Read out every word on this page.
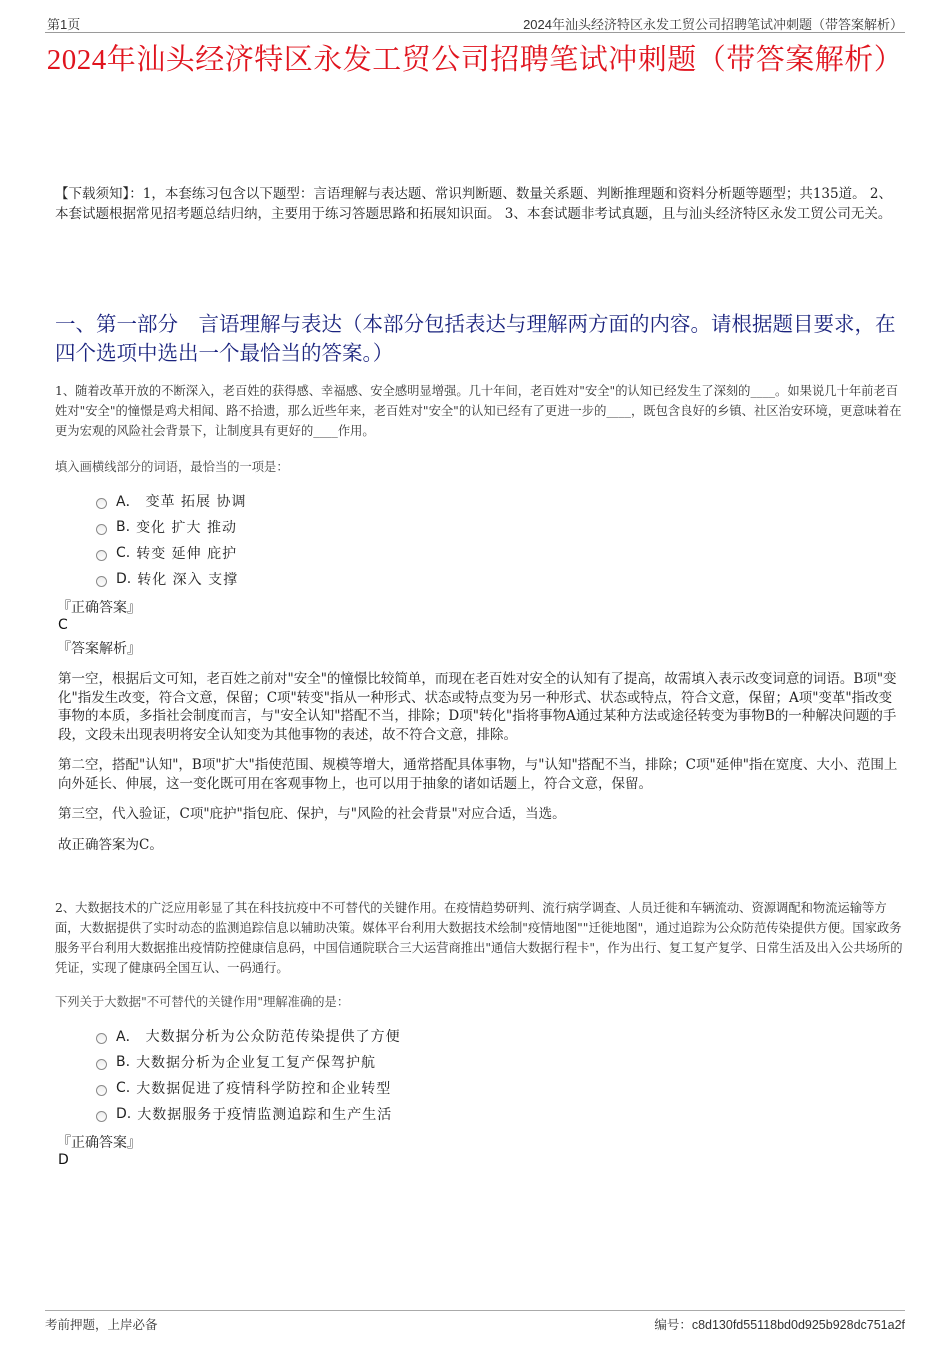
第1页	2024年汕头经济特区永发工贸公司招聘笔试冲刺题（带答案解析）
2024年汕头经济特区永发工贸公司招聘笔试冲刺题（带答案解析）
【下载须知】：1，本套练习包含以下题型：言语理解与表达题、常识判断题、数量关系题、判断推理题和资料分析题等题型；共135道。 2、本套试题根据常见招考题总结归纳，主要用于练习答题思路和拓展知识面。 3、本套试题非考试真题，且与汕头经济特区永发工贸公司无关。
一、第一部分　言语理解与表达（本部分包括表达与理解两方面的内容。请根据题目要求，在四个选项中选出一个最恰当的答案。）
1、随着改革开放的不断深入，老百姓的获得感、幸福感、安全感明显增强。几十年间，老百姓对"安全"的认知已经发生了深刻的____。如果说几十年前老百姓对"安全"的憧憬是鸡犬相闻、路不拾遗，那么近些年来，老百姓对"安全"的认知已经有了更进一步的____，既包含良好的乡镇、社区治安环境，更意味着在更为宏观的风险社会背景下，让制度具有更好的____作用。
填入画横线部分的词语，最恰当的一项是：
A． 变革 拓展 协调
B. 变化 扩大 推动
C. 转变 延伸 庇护
D. 转化 深入 支撑
『正确答案』
C
『答案解析』

第一空，根据后文可知，老百姓之前对"安全"的憧憬比较简单，而现在老百姓对安全的认知有了提高，故需填入表示改变词意的词语。B项"变化"指发生改变，符合文意，保留；C项"转变"指从一种形式、状态或特点变为另一种形式、状态或特点，符合文意，保留；A项"变革"指改变事物的本质，多指社会制度而言，与"安全认知"搭配不当，排除；D项"转化"指将事物A通过某种方法或途径转变为事物B的一种解决问题的手段，文段未出现表明将安全认知变为其他事物的表述，故不符合文意，排除。

第二空，搭配"认知"，B项"扩大"指使范围、规模等增大，通常搭配具体事物，与"认知"搭配不当，排除；C项"延伸"指在宽度、大小、范围上向外延长、伸展，这一变化既可用在客观事物上，也可以用于抽象的诸如话题上，符合文意，保留。

第三空，代入验证，C项"庇护"指包庇、保护，与"风险的社会背景"对应合适，当选。

故正确答案为C。

2、大数据技术的广泛应用彰显了其在科技抗疫中不可替代的关键作用。在疫情趋势研判、流行病学调查、人员迁徙和车辆流动、资源调配和物流运输等方面，大数据提供了实时动态的监测追踪信息以辅助决策。媒体平台利用大数据技术绘制"疫情地图""迁徙地图"，通过追踪为公众防范传染提供方便。国家政务服务平台利用大数据推出疫情防控健康信息码，中国信通院联合三大运营商推出"通信大数据行程卡"，作为出行、复工复产复学、日常生活及出入公共场所的凭证，实现了健康码全国互认、一码通行。
下列关于大数据"不可替代的关键作用"理解准确的是：
A． 大数据分析为公众防范传染提供了方便
B. 大数据分析为企业复工复产保驾护航
C. 大数据促进了疫情科学防控和企业转型
D. 大数据服务于疫情监测追踪和生产生活
『正确答案』
D
考前押题，上岸必备	编号：c8d130fd55118bd0d925b928dc751a2f
